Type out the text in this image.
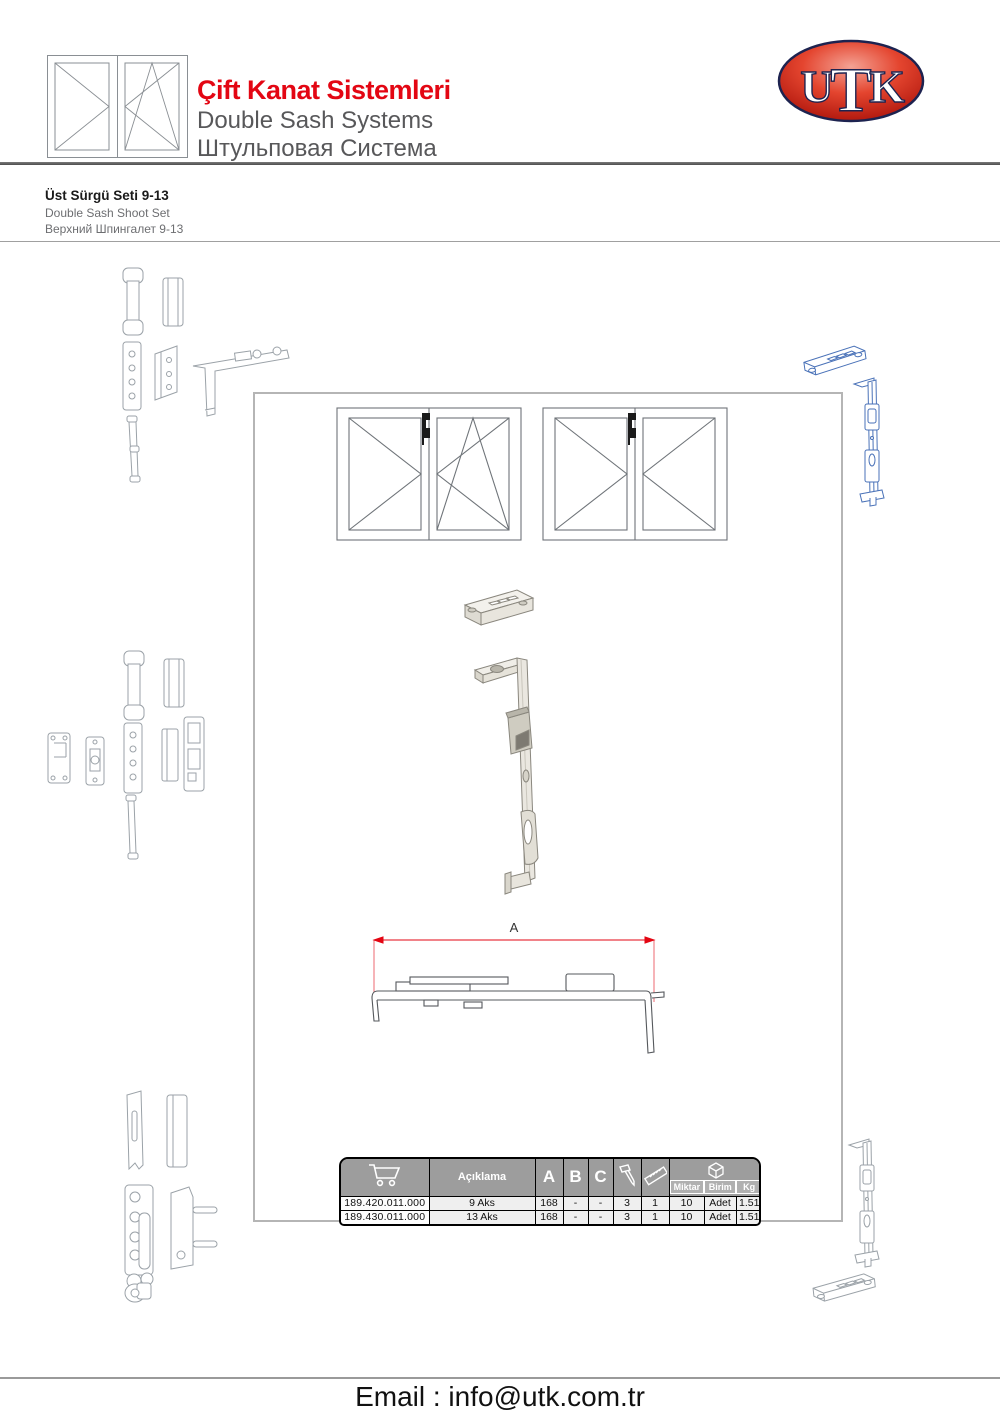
Çift Kanat Sistemleri
Double Sash Systems
Штульповая Система
U
T
K
Üst Sürgü Seti 9-13
Double Sash Shoot Set
Верхний Шпингалет 9-13
A
	Açıklama	A	B	C			Miktar Birim Kg		

189.420.011.000	9 Aks	168	-	-	3	1	10	Adet	1.51
189.430.011.000	13 Aks	168	-	-	3	1	10	Adet	1.51
Email : info@utk.com.tr
